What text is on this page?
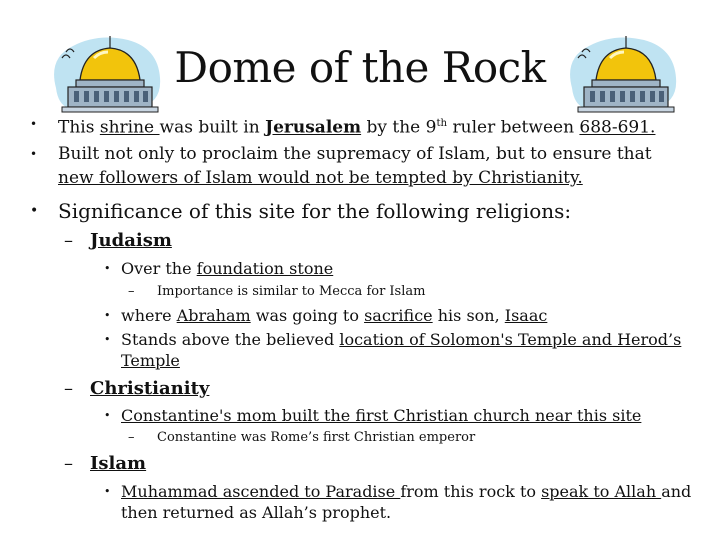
Dome of the Rock
• This shrine was built in Jerusalem by the 9th ruler between 688-691.
• Built not only to proclaim the supremacy of Islam, but to ensure that
new followers of Islam would not be tempted by Christianity.
• Significance of this site for the following religions:
– Judaism
• Over the foundation stone
– Importance is similar to Mecca for Islam
• where Abraham was going to sacrifice his son, Isaac
• Stands above the believed location of Solomon's Temple and Herod’s
Temple
– Christianity
• Constantine's mom built the first Christian church near this site
– Constantine was Rome’s first Christian emperor
– Islam
• Muhammad ascended to Paradise from this rock to speak to Allah and
then returned as Allah’s prophet.
